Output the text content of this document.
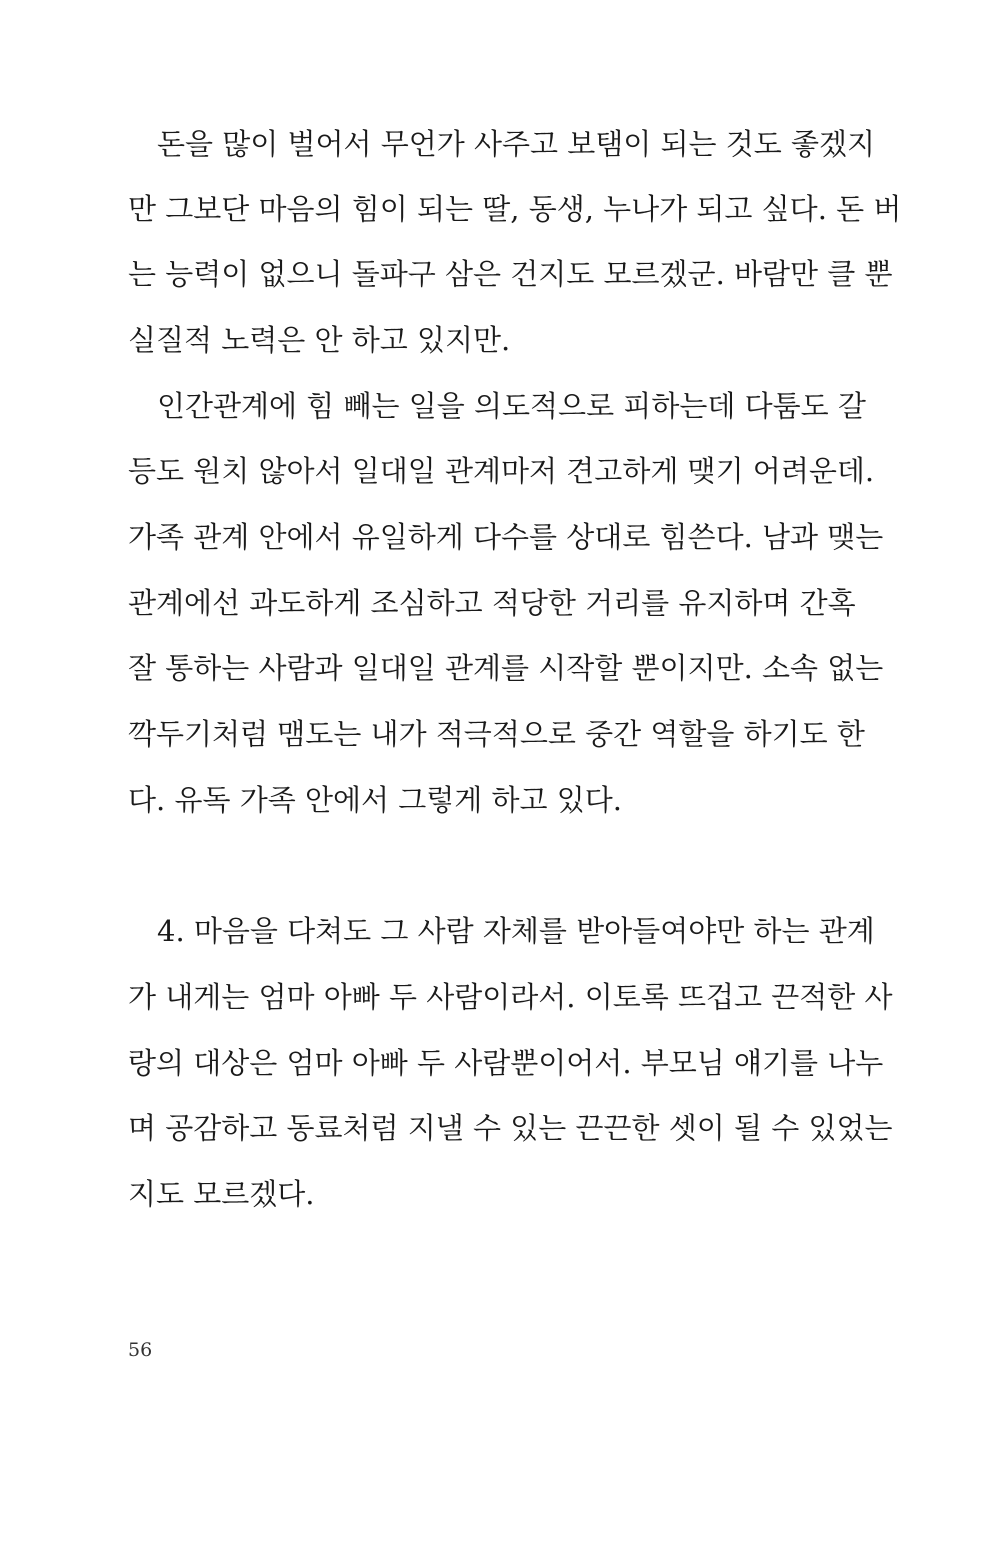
　돈을 많이 벌어서 무언가 사주고 보탬이 되는 것도 좋겠지
만 그보단 마음의 힘이 되는 딸, 동생, 누나가 되고 싶다. 돈 버
는 능력이 없으니 돌파구 삼은 건지도 모르겠군. 바람만 클 뿐
실질적 노력은 안 하고 있지만.
　인간관계에 힘 빼는 일을 의도적으로 피하는데 다툼도 갈
등도 원치 않아서 일대일 관계마저 견고하게 맺기 어려운데.
가족 관계 안에서 유일하게 다수를 상대로 힘쓴다. 남과 맺는
관계에선 과도하게 조심하고 적당한 거리를 유지하며 간혹
잘 통하는 사람과 일대일 관계를 시작할 뿐이지만. 소속 없는
깍두기처럼 맴도는 내가 적극적으로 중간 역할을 하기도 한
다. 유독 가족 안에서 그렇게 하고 있다.
　4. 마음을 다쳐도 그 사람 자체를 받아들여야만 하는 관계
가 내게는 엄마 아빠 두 사람이라서. 이토록 뜨겁고 끈적한 사
랑의 대상은 엄마 아빠 두 사람뿐이어서. 부모님 얘기를 나누
며 공감하고 동료처럼 지낼 수 있는 끈끈한 셋이 될 수 있었는
지도 모르겠다.
56
